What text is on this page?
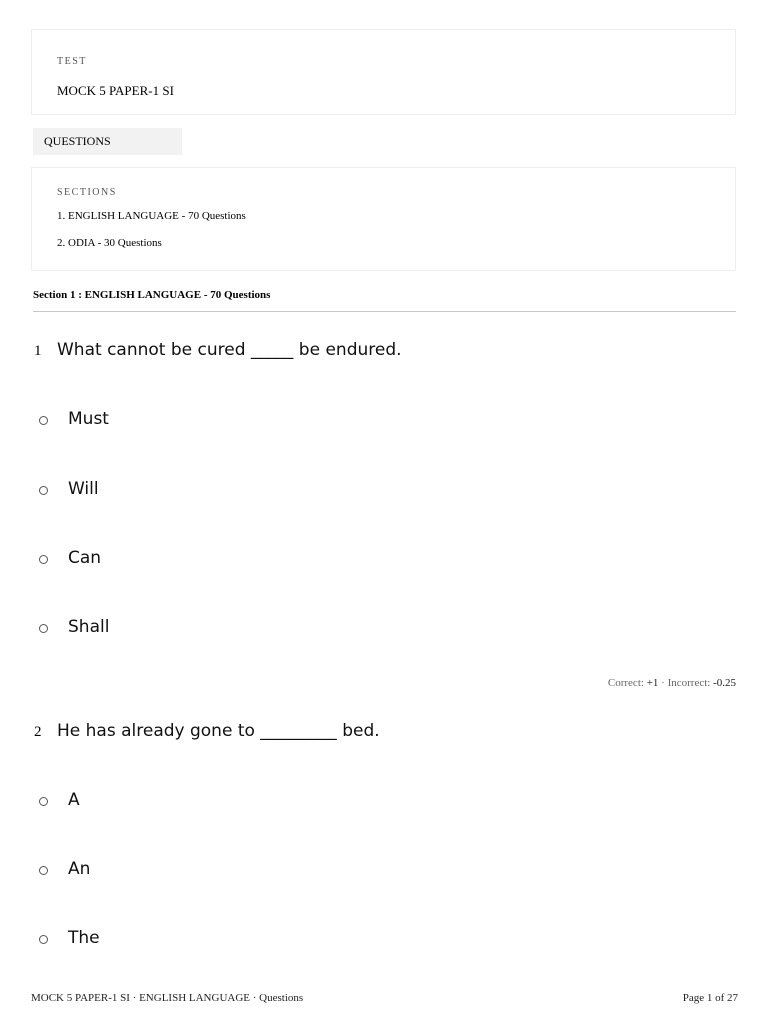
TEST
MOCK 5 PAPER-1 SI
QUESTIONS
SECTIONS
1. ENGLISH LANGUAGE - 70 Questions
2. ODIA - 30 Questions
Section 1 : ENGLISH LANGUAGE - 70 Questions
1 What cannot be cured _____ be endured.
Must
Will
Can
Shall
Correct: +1 · Incorrect: -0.25
2 He has already gone to _________ bed.
A
An
The
MOCK 5 PAPER-1 SI · ENGLISH LANGUAGE · Questions	Page 1 of 27
